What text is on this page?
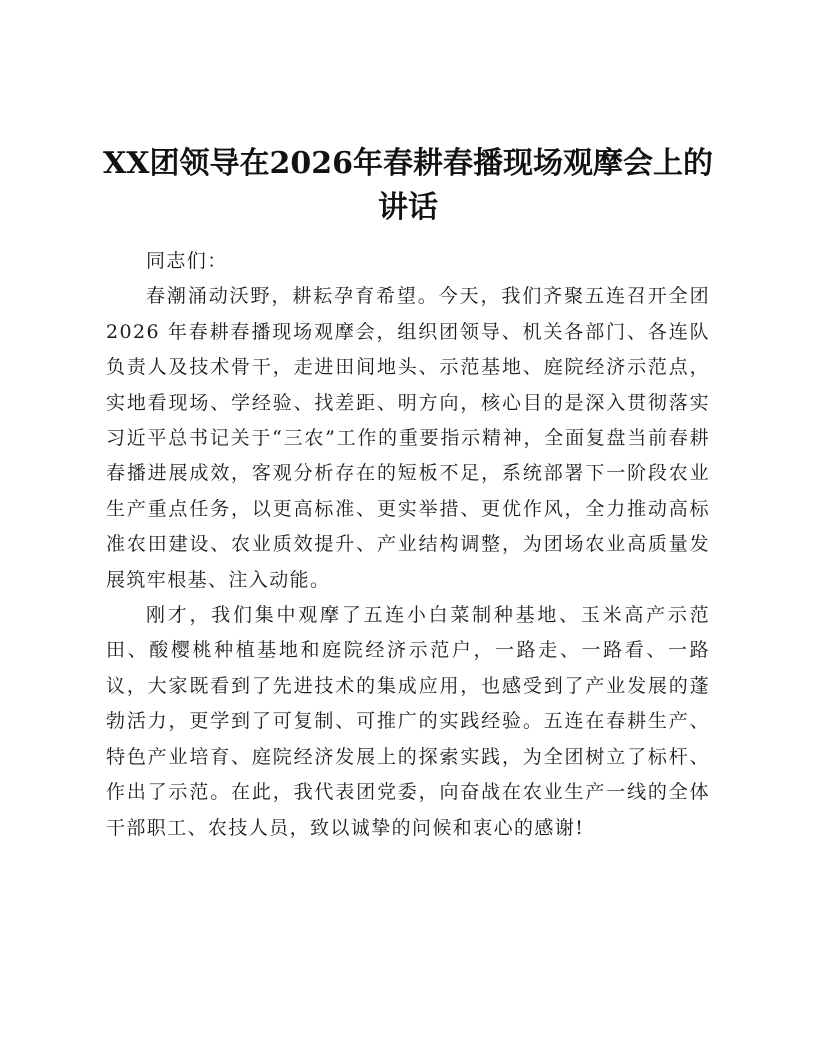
XX团领导在2026年春耕春播现场观摩会上的讲话

同志们：

春潮涌动沃野，耕耘孕育希望。今天，我们齐聚五连召开全团 2026 年春耕春播现场观摩会，组织团领导、机关各部门、各连队负责人及技术骨干，走进田间地头、示范基地、庭院经济示范点，实地看现场、学经验、找差距、明方向，核心目的是深入贯彻落实习近平总书记关于“三农”工作的重要指示精神，全面复盘当前春耕春播进展成效，客观分析存在的短板不足，系统部署下一阶段农业生产重点任务，以更高标准、更实举措、更优作风，全力推动高标准农田建设、农业质效提升、产业结构调整，为团场农业高质量发展筑牢根基、注入动能。

刚才，我们集中观摩了五连小白菜制种基地、玉米高产示范田、酸樱桃种植基地和庭院经济示范户，一路走、一路看、一路议，大家既看到了先进技术的集成应用，也感受到了产业发展的蓬勃活力，更学到了可复制、可推广的实践经验。五连在春耕生产、特色产业培育、庭院经济发展上的探索实践，为全团树立了标杆、作出了示范。在此，我代表团党委，向奋战在农业生产一线的全体干部职工、农技人员，致以诚挚的问候和衷心的感谢!
